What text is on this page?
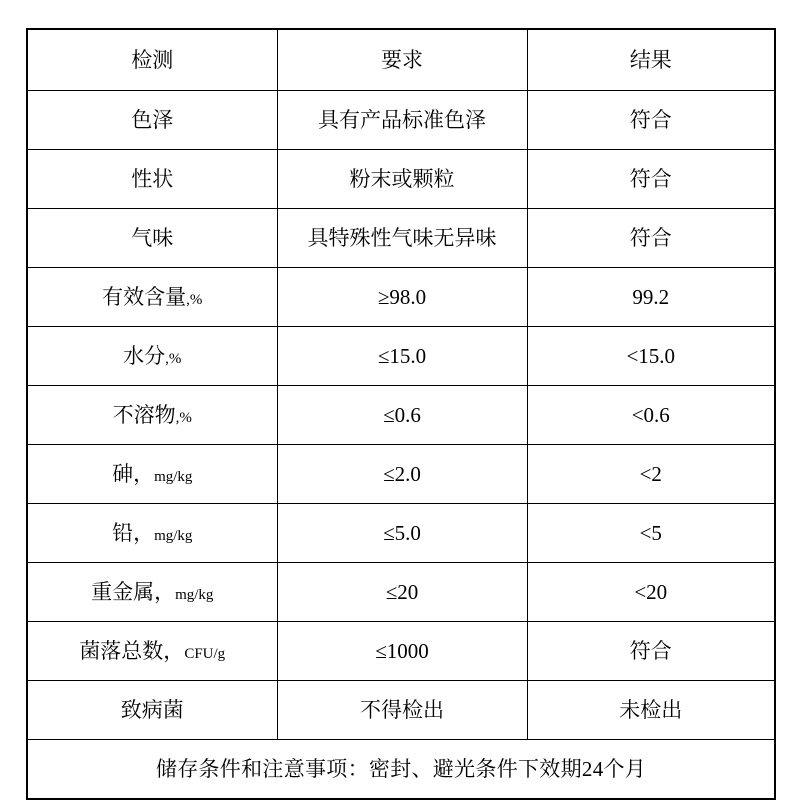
检测	要求	结果
色泽	具有产品标准色泽	符合
性状	粉末或颗粒	符合
气味	具特殊性气味无异味	符合
有效含量,%	≥98.0	99.2
水分,%	≤15.0	<15.0
不溶物,%	≤0.6	<0.6
砷，mg/kg	≤2.0	<2
铅，mg/kg	≤5.0	<5
重金属，mg/kg	≤20	<20
菌落总数，CFU/g	≤1000	符合
致病菌	不得检出	未检出

储存条件和注意事项：密封、避光条件下效期24个月		
